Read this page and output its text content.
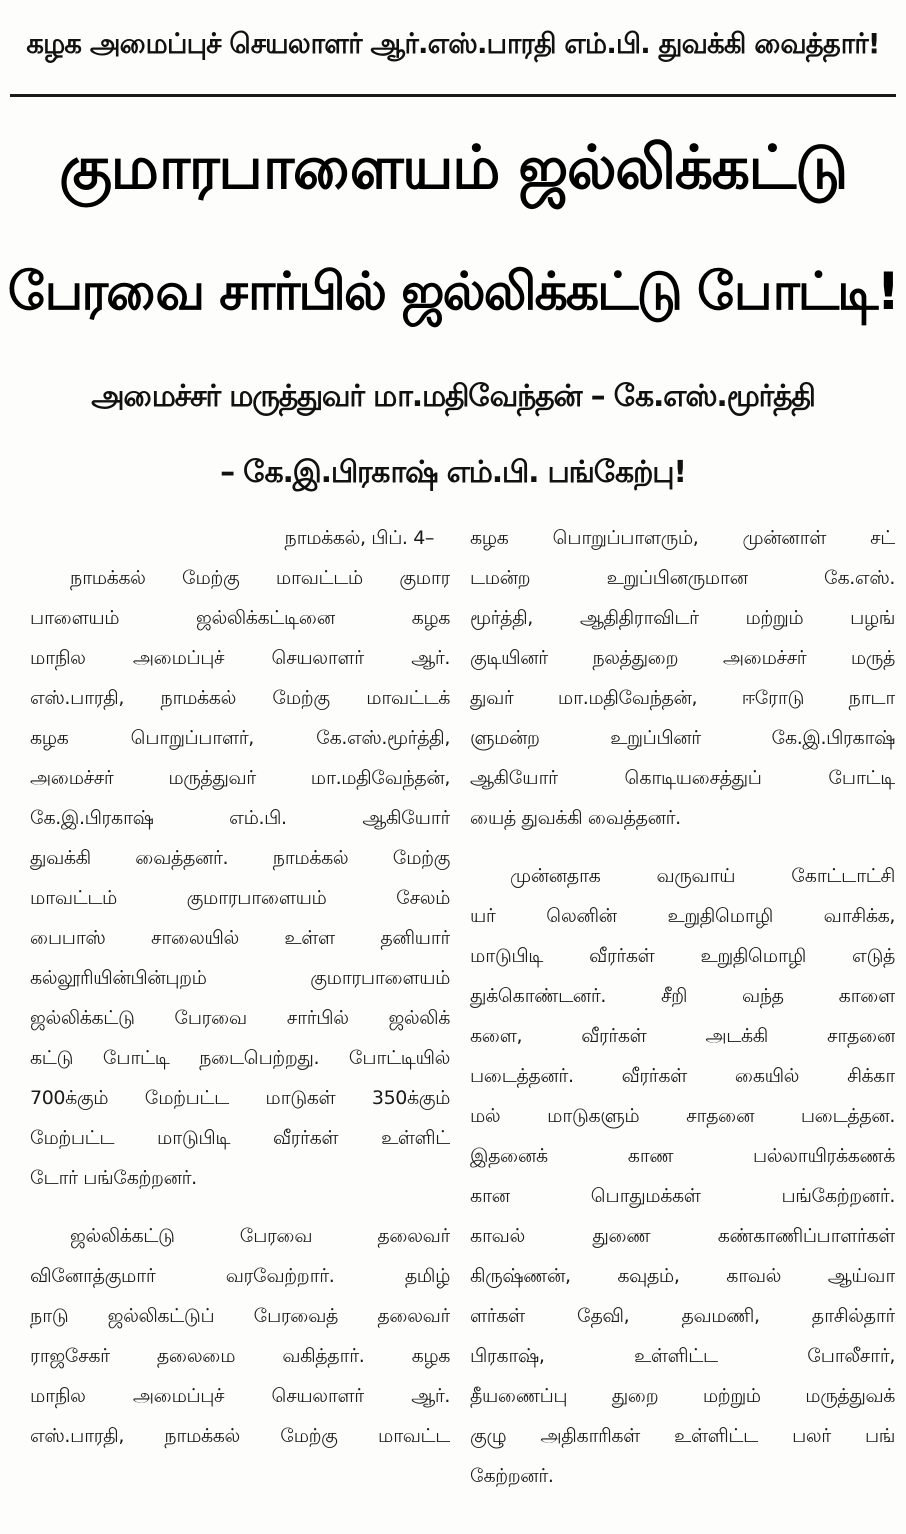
கழக அமைப்புச் செயலாளர் ஆர்.எஸ்.பாரதி எம்.பி. துவக்கி வைத்தார்!
குமாரபாளையம் ஜல்லிக்கட்டு
பேரவை சார்பில் ஜல்லிக்கட்டு போட்டி!
அமைச்சர் மருத்துவர் மா.மதிவேந்தன் – கே.எஸ்.மூர்த்தி
– கே.இ.பிரகாஷ் எம்.பி. பங்கேற்பு!
நாமக்கல், பிப். 4–
நாமக்கல் மேற்கு மாவட்டம் குமார
பாளையம் ஜல்லிக்கட்டினை கழக
மாநில அமைப்புச் செயலாளர் ஆர்.
எஸ்.பாரதி, நாமக்கல் மேற்கு மாவட்டக்
கழக பொறுப்பாளர், கே.எஸ்.மூர்த்தி,
அமைச்சர் மருத்துவர் மா.மதிவேந்தன்,
கே.இ.பிரகாஷ் எம்.பி. ஆகியோர்
துவக்கி வைத்தனர். நாமக்கல் மேற்கு
மாவட்டம் குமாரபாளையம் சேலம்
பைபாஸ் சாலையில் உள்ள தனியார்
கல்லூரியின்பின்புறம் குமாரபாளையம்
ஜல்லிக்கட்டு பேரவை சார்பில் ஜல்லிக்
கட்டு போட்டி நடைபெற்றது. போட்டியில்
700க்கும் மேற்பட்ட மாடுகள் 350க்கும்
மேற்பட்ட மாடுபிடி வீரர்கள் உள்ளிட்
டோர் பங்கேற்றனர்.
ஜல்லிக்கட்டு பேரவை தலைவர்
வினோத்குமார் வரவேற்றார். தமிழ்
நாடு ஜல்லிகட்டுப் பேரவைத் தலைவர்
ராஜசேகர் தலைமை வகித்தார். கழக
மாநில அமைப்புச் செயலாளர் ஆர்.
எஸ்.பாரதி, நாமக்கல் மேற்கு மாவட்ட
கழக பொறுப்பாளரும், முன்னாள் சட்
டமன்ற உறுப்பினருமான கே.எஸ்.
மூர்த்தி, ஆதிதிராவிடர் மற்றும் பழங்
குடியினர் நலத்துறை அமைச்சர் மருத்
துவர் மா.மதிவேந்தன், ஈரோடு நாடா
ளுமன்ற உறுப்பினர் கே.இ.பிரகாஷ்
ஆகியோர் கொடியசைத்துப் போட்டி
யைத் துவக்கி வைத்தனர்.
முன்னதாக வருவாய் கோட்டாட்சி
யர் லெனின் உறுதிமொழி வாசிக்க,
மாடுபிடி வீரர்கள் உறுதிமொழி எடுத்
துக்கொண்டனர். சீறி வந்த காளை
களை, வீரர்கள் அடக்கி சாதனை
படைத்தனர். வீரர்கள் கையில் சிக்கா
மல் மாடுகளும் சாதனை படைத்தன.
இதனைக் காண பல்லாயிரக்கணக்
கான பொதுமக்கள் பங்கேற்றனர்.
காவல் துணை கண்காணிப்பாளர்கள்
கிருஷ்ணன், கவுதம், காவல் ஆய்வா
ளர்கள் தேவி, தவமணி, தாசில்தார்
பிரகாஷ், உள்ளிட்ட போலீசார்,
தீயணைப்பு துறை மற்றும் மருத்துவக்
குழு அதிகாரிகள் உள்ளிட்ட பலர் பங்
கேற்றனர்.
